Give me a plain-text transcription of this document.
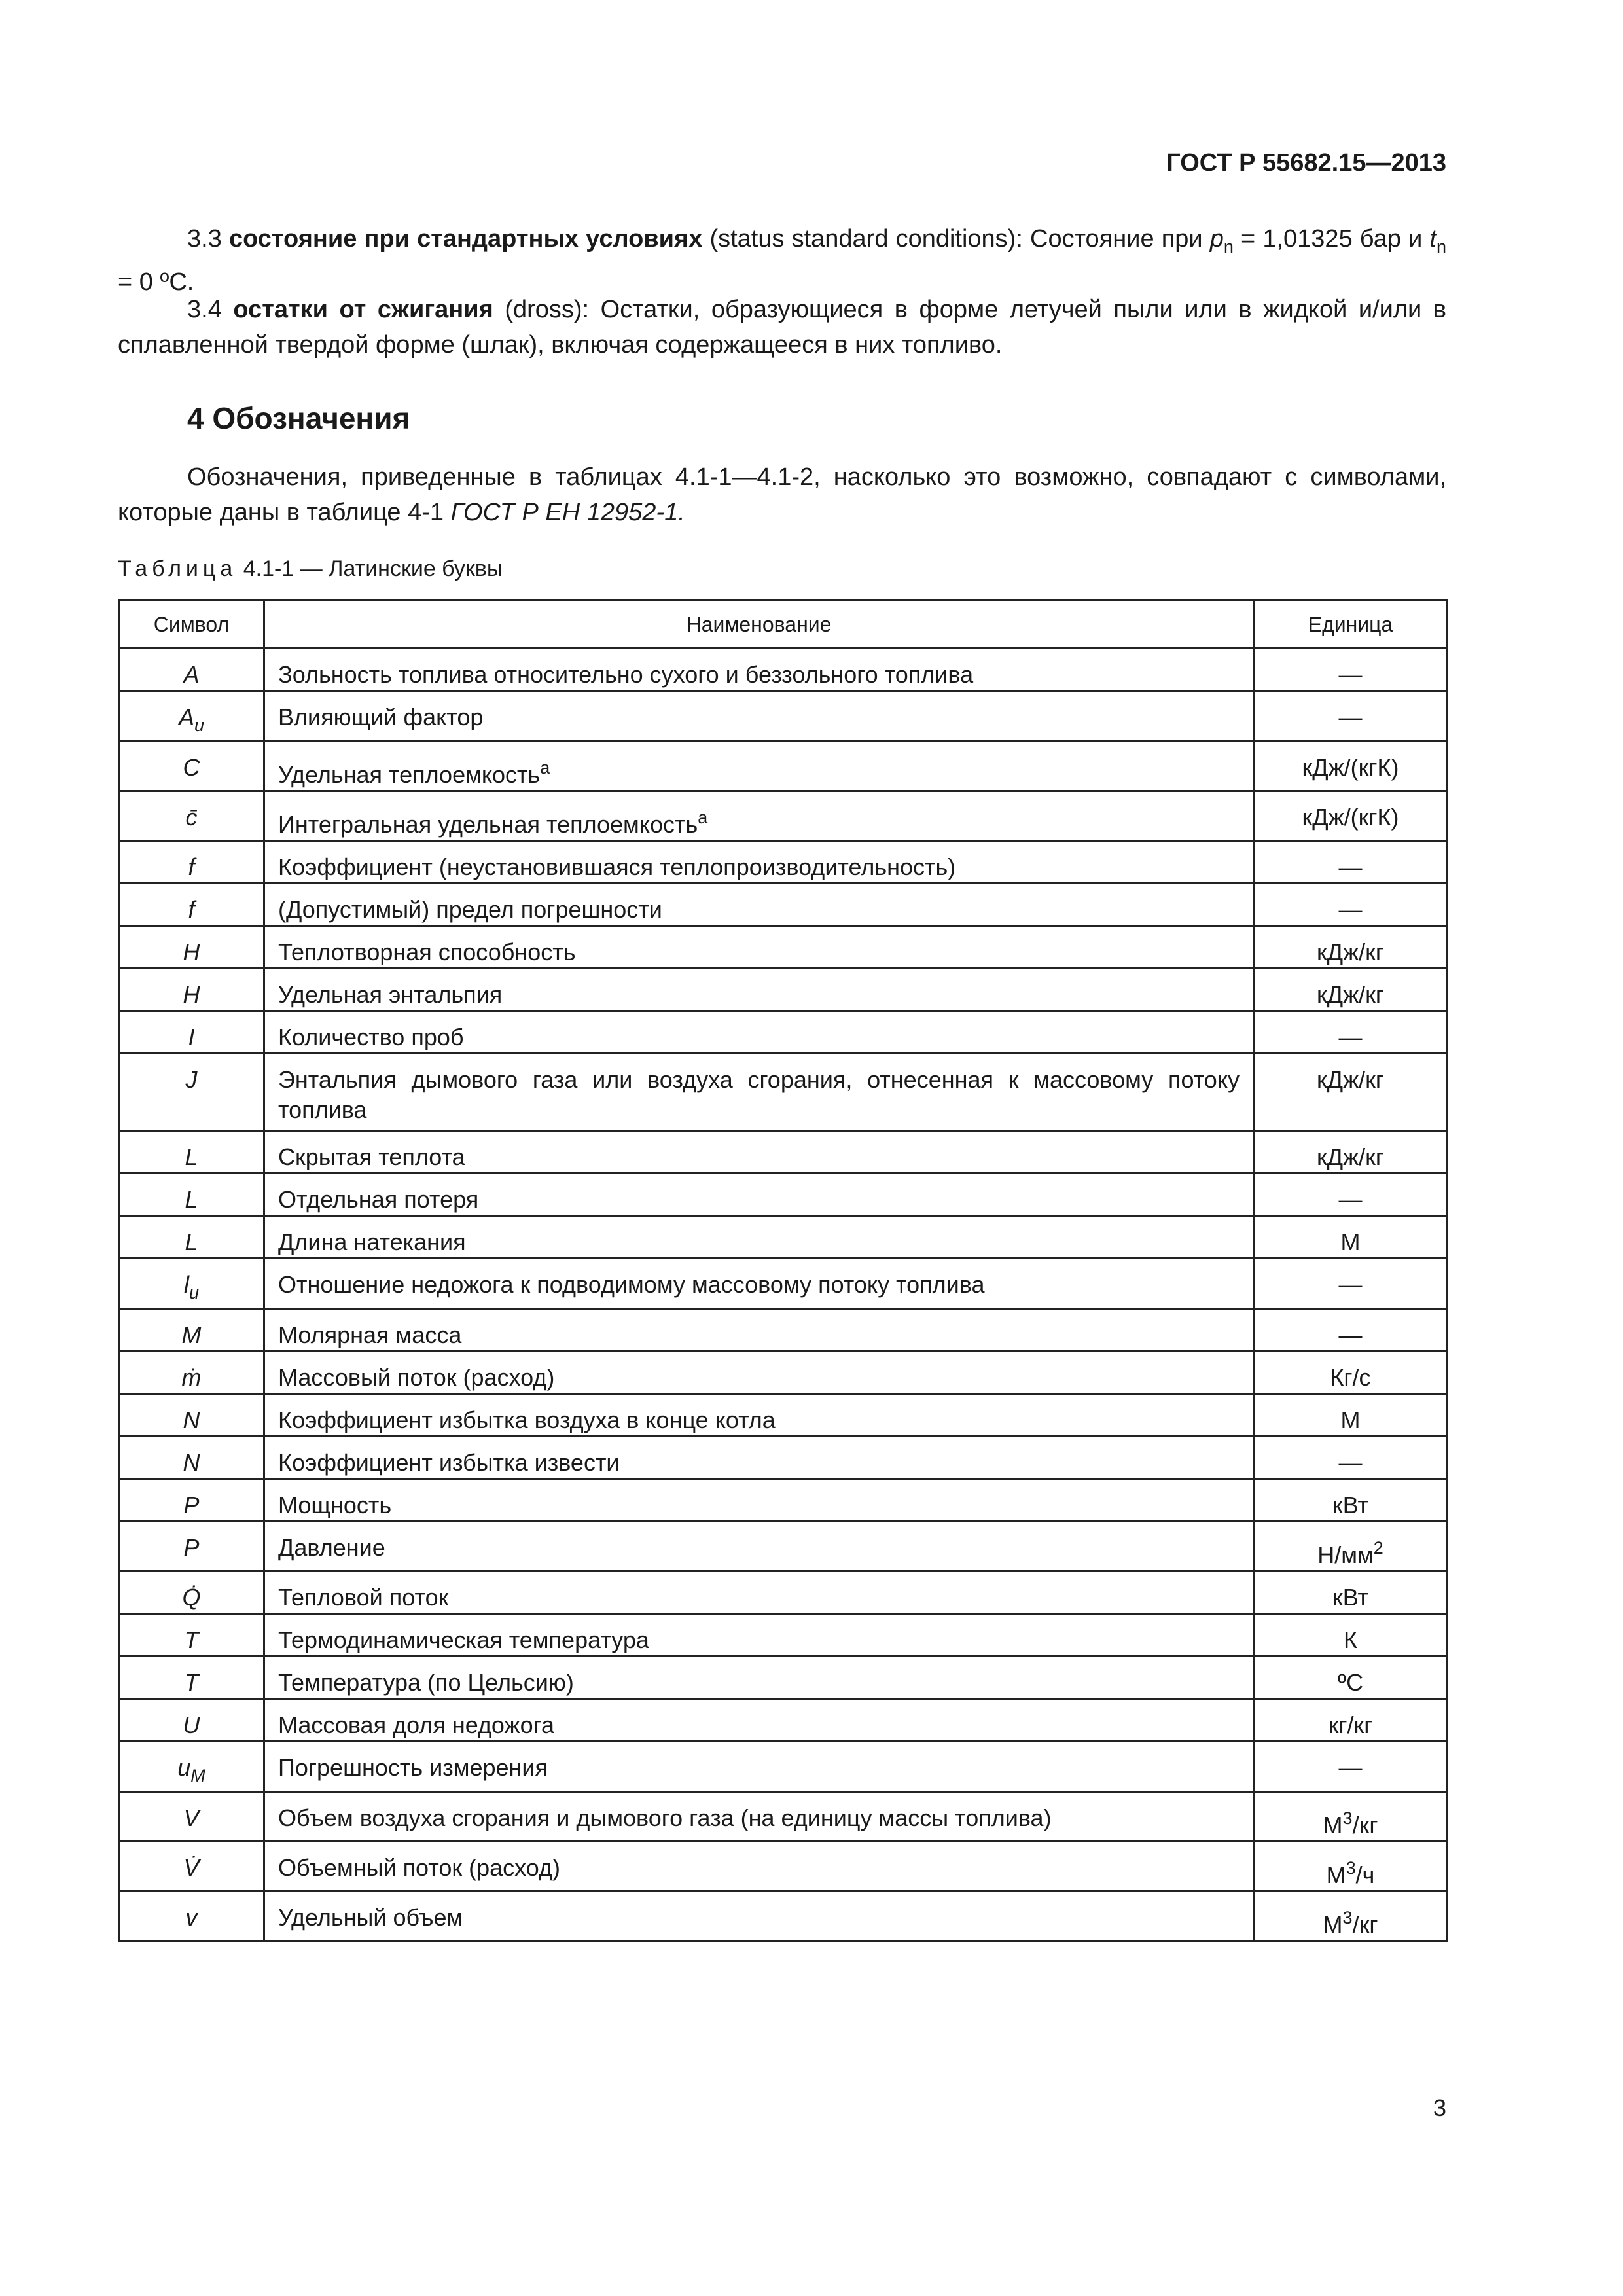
ГОСТ Р 55682.15—2013
3.3 состояние при стандартных условиях (status standard conditions): Состояние при $p_n = 1,01325$ бар и $t_n = 0$ ºС.
3.4 остатки от сжигания (dross): Остатки, образующиеся в форме летучей пыли или в жидкой и/или в сплавленной твердой форме (шлак), включая содержащееся в них топливо.
4 Обозначения
Обозначения, приведенные в таблицах 4.1-1—4.1-2, насколько это возможно, совпадают с символами, которые даны в таблице 4-1 ГОСТ Р ЕН 12952-1.
Таблица 4.1-1 — Латинские буквы
Символ	Наименование	Единица
A	Зольность топлива относительно сухого и беззольного топлива	—
$A_u$	Влияющий фактор	—
C	Удельная теплоемкость$^a$	кДж/(кгК)
c̄	Интегральная удельная теплоемкость$^a$	кДж/(кгК)
f	Коэффициент (неустановившаяся теплопроизводительность)	—
f	(Допустимый) предел погрешности	—
H	Теплотворная способность	кДж/кг
H	Удельная энтальпия	кДж/кг
I	Количество проб	—
J	Энтальпия дымового газа или воздуха сгорания, отнесенная к массовому потоку топлива	кДж/кг
L	Скрытая теплота	кДж/кг
L	Отдельная потеря	—
L	Длина натекания	М
$l_u$	Отношение недожога к подводимому массовому потоку топлива	—
M	Молярная масса	—
ṁ	Массовый поток (расход)	Кг/с
N	Коэффициент избытка воздуха в конце котла	М
N	Коэффициент избытка извести	—
P	Мощность	кВт
P	Давление	$Н/мм^2$
Q̇	Тепловой поток	кВт
T	Термодинамическая температура	К
T	Температура (по Цельсию)	ºС
U	Массовая доля недожога	кг/кг
$u_M$	Погрешность измерения	—
V	Объем воздуха сгорания и дымового газа (на единицу массы топлива)	$М^3/кг$
V̇	Объемный поток (расход)	$М^3/ч$
v	Удельный объем	$М^3/кг$
3
